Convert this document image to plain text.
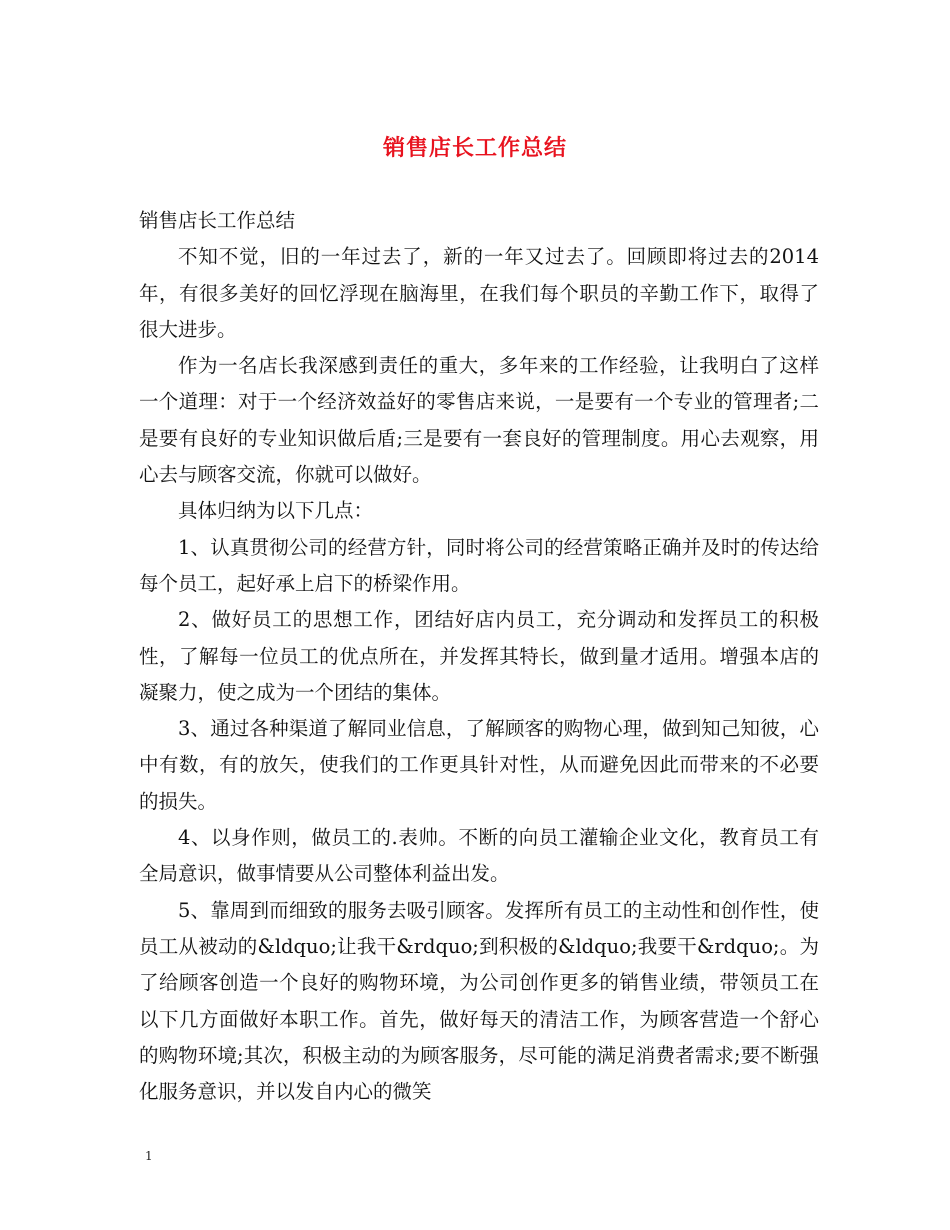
销售店长工作总结

销售店长工作总结

不知不觉，旧的一年过去了，新的一年又过去了。回顾即将过去的2014年，有很多美好的回忆浮现在脑海里，在我们每个职员的辛勤工作下，取得了很大进步。

作为一名店长我深感到责任的重大，多年来的工作经验，让我明白了这样一个道理：对于一个经济效益好的零售店来说，一是要有一个专业的管理者;二是要有良好的专业知识做后盾;三是要有一套良好的管理制度。用心去观察，用心去与顾客交流，你就可以做好。

具体归纳为以下几点：

1、认真贯彻公司的经营方针，同时将公司的经营策略正确并及时的传达给每个员工，起好承上启下的桥梁作用。

2、做好员工的思想工作，团结好店内员工，充分调动和发挥员工的积极性，了解每一位员工的优点所在，并发挥其特长，做到量才适用。增强本店的凝聚力，使之成为一个团结的集体。

3、通过各种渠道了解同业信息，了解顾客的购物心理，做到知己知彼，心中有数，有的放矢，使我们的工作更具针对性，从而避免因此而带来的不必要的损失。

4、以身作则，做员工的.表帅。不断的向员工灌输企业文化，教育员工有全局意识，做事情要从公司整体利益出发。

5、靠周到而细致的服务去吸引顾客。发挥所有员工的主动性和创作性，使员工从被动的&ldquo;让我干&rdquo;到积极的&ldquo;我要干&rdquo;。为了给顾客创造一个良好的购物环境，为公司创作更多的销售业绩，带领员工在以下几方面做好本职工作。首先，做好每天的清洁工作，为顾客营造一个舒心的购物环境;其次，积极主动的为顾客服务，尽可能的满足消费者需求;要不断强化服务意识，并以发自内心的微笑

1
